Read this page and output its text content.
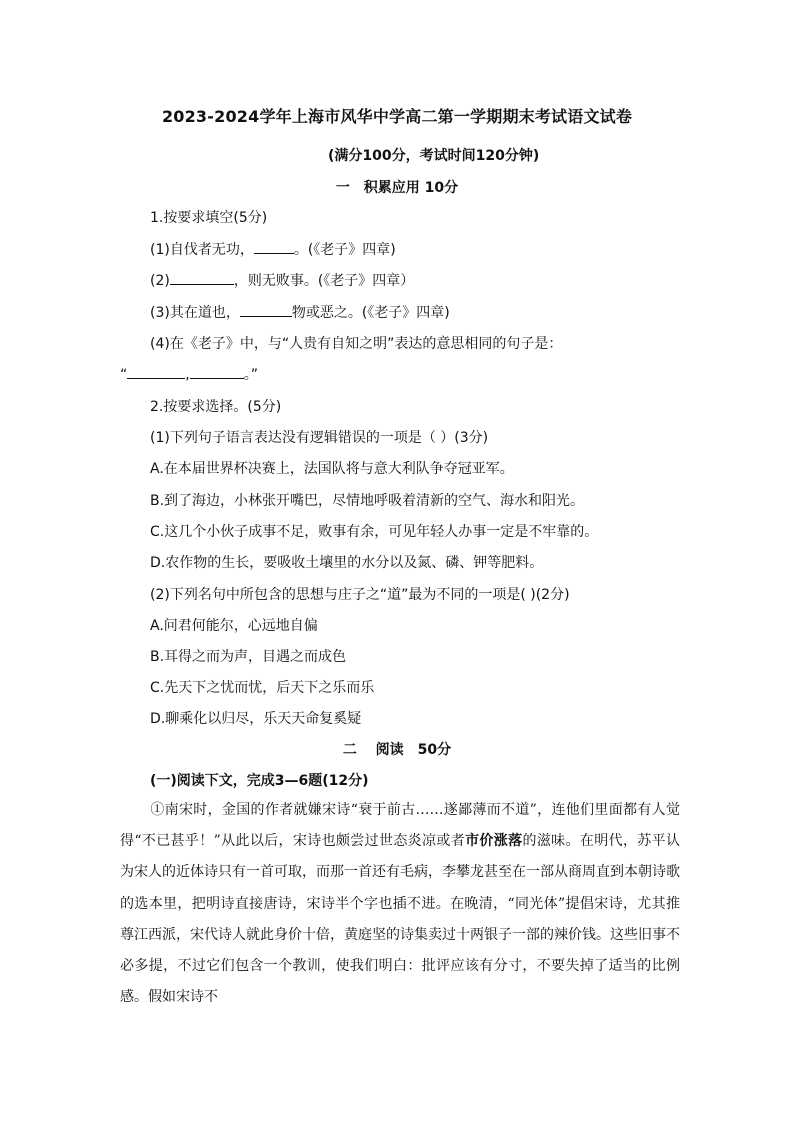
2023-2024学年上海市风华中学高二第一学期期末考试语文试卷
(满分100分，考试时间120分钟)
一　积累应用 10分
1.按要求填空(5分)
(1)自伐者无功，	。(《老子》四章)
(2)	，则无败事。(《老子》四章）
(3)其在道也，	物或恶之。(《老子》四章)
(4)在《老子》中，与“人贵有自知之明”表达的意思相同的句子是：
“	,	。”
2.按要求选择。(5分)
(1)下列句子语言表达没有逻辑错误的一项是（ ）(3分)
A.在本届世界杯决赛上，法国队将与意大利队争夺冠亚军。
B.到了海边，小林张开嘴巴，尽情地呼吸着清新的空气、海水和阳光。
C.这几个小伙子成事不足，败事有余，可见年轻人办事一定是不牢靠的。
D.农作物的生长，要吸收土壤里的水分以及氮、磷、钾等肥料。
(2)下列名句中所包含的思想与庄子之“道”最为不同的一项是( )(2分)
A.问君何能尔，心远地自偏
B.耳得之而为声，目遇之而成色
C.先天下之忧而忧，后天下之乐而乐
D.聊乘化以归尽，乐天天命复奚疑
二　 阅读　50分
(一)阅读下文，完成3—6题(12分)
①南宋时，金国的作者就嫌宋诗“衰于前古……遂鄙薄而不道”，连他们里面都有人觉得“不已甚乎！”从此以后，宋诗也颇尝过世态炎凉或者市价涨落的滋味。在明代，苏平认为宋人的近体诗只有一首可取，而那一首还有毛病，李攀龙甚至在一部从商周直到本朝诗歌的选本里，把明诗直接唐诗，宋诗半个字也插不进。在晚清，“同光体”提倡宋诗，尤其推尊江西派，宋代诗人就此身价十倍，黄庭坚的诗集卖过十两银子一部的辣价钱。这些旧事不必多提，不过它们包含一个教训，使我们明白：批评应该有分寸，不要失掉了适当的比例感。假如宋诗不
